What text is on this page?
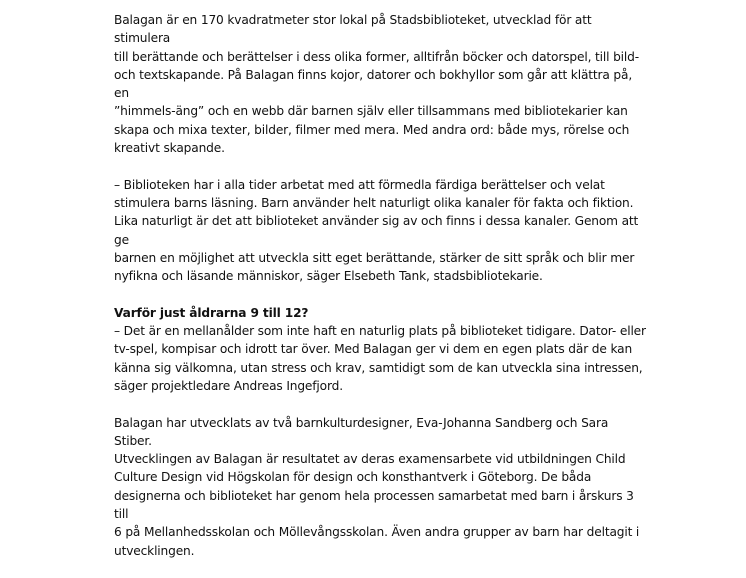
Balagan är en 170 kvadratmeter stor lokal på Stadsbiblioteket, utvecklad för att stimulera
till berättande och berättelser i dess olika former, alltifrån böcker och datorspel, till bild-
och textskapande. På Balagan finns kojor, datorer och bokhyllor som går att klättra på, en
”himmels-äng” och en webb där barnen själv eller tillsammans med bibliotekarier kan
skapa och mixa texter, bilder, filmer med mera. Med andra ord: både mys, rörelse och
kreativt skapande.

– Biblioteken har i alla tider arbetat med att förmedla färdiga berättelser och velat
stimulera barns läsning. Barn använder helt naturligt olika kanaler för fakta och fiktion.
Lika naturligt är det att biblioteket använder sig av och finns i dessa kanaler. Genom att ge
barnen en möjlighet att utveckla sitt eget berättande, stärker de sitt språk och blir mer
nyfikna och läsande människor, säger Elsebeth Tank, stadsbibliotekarie.

Varför just åldrarna 9 till 12?
– Det är en mellanålder som inte haft en naturlig plats på biblioteket tidigare. Dator- eller
tv-spel, kompisar och idrott tar över. Med Balagan ger vi dem en egen plats där de kan
känna sig välkomna, utan stress och krav, samtidigt som de kan utveckla sina intressen,
säger projektledare Andreas Ingefjord.

Balagan har utvecklats av två barnkulturdesigner, Eva-Johanna Sandberg och Sara Stiber.
Utvecklingen av Balagan är resultatet av deras examensarbete vid utbildningen Child
Culture Design vid Högskolan för design och konsthantverk i Göteborg. De båda
designerna och biblioteket har genom hela processen samarbetat med barn i årskurs 3 till
6 på Mellanhedsskolan och Möllevångsskolan. Även andra grupper av barn har deltagit i
utvecklingen.
